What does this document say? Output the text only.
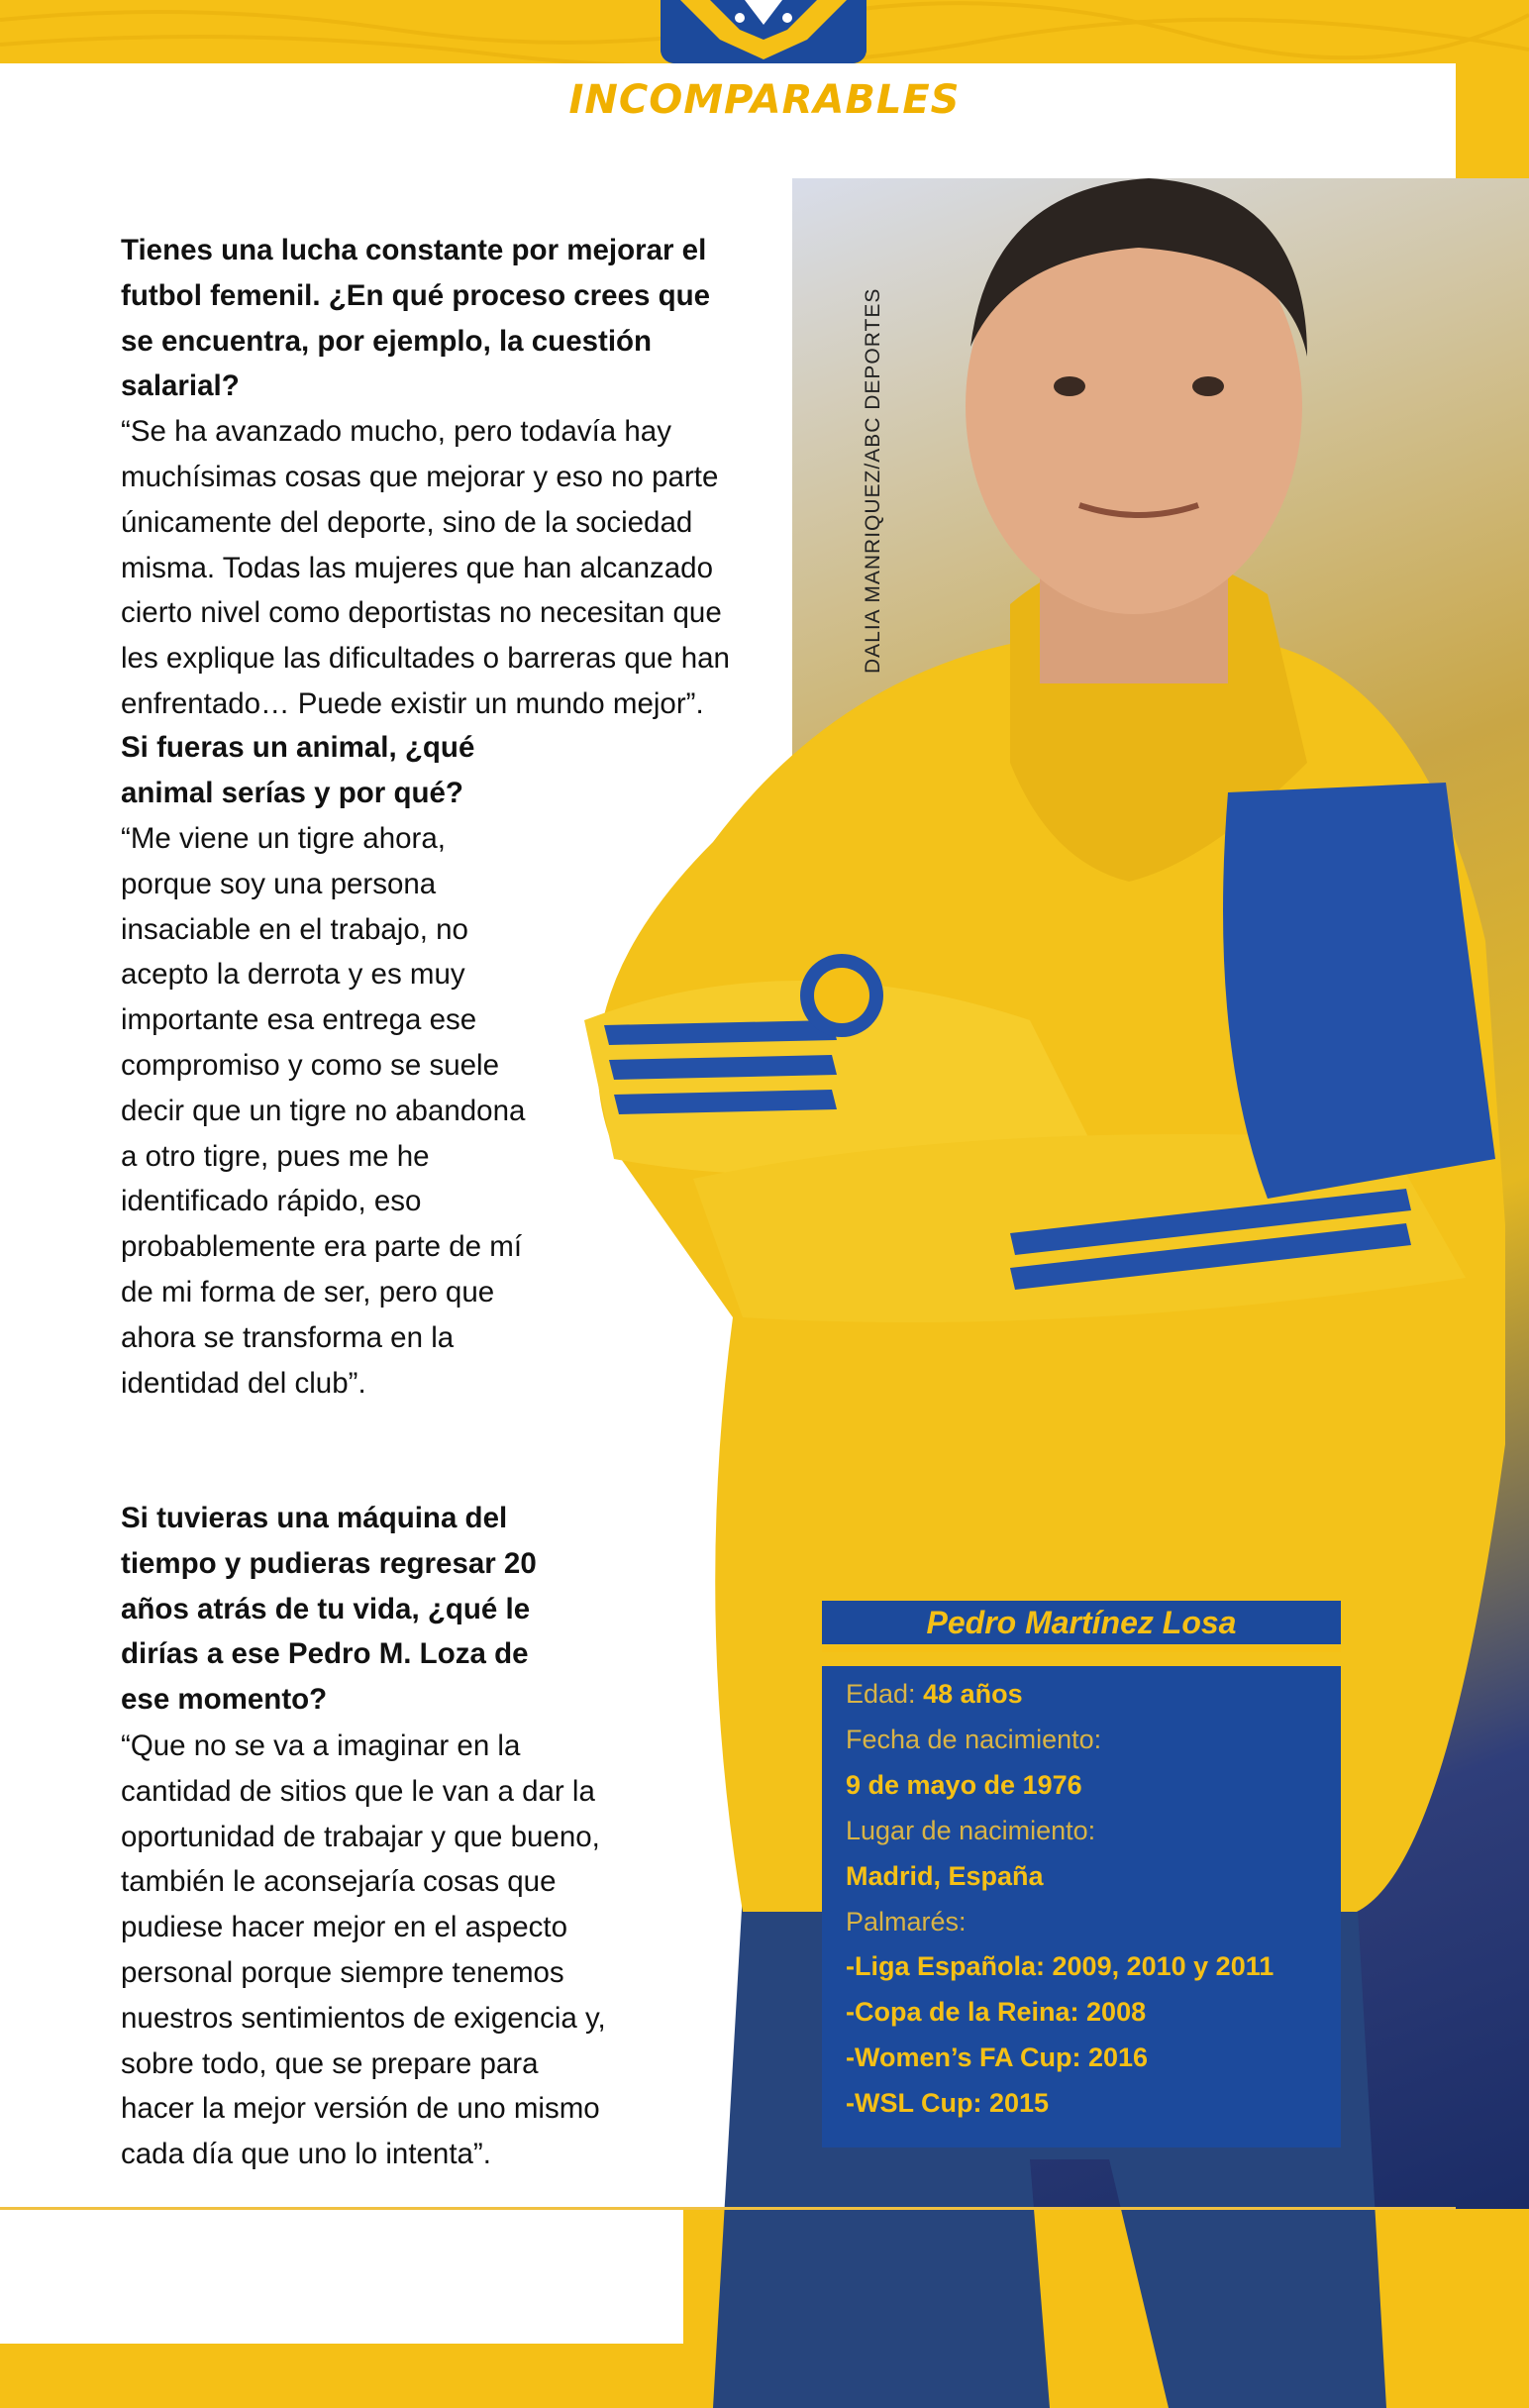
INCOMPARABLES
DALIA MANRIQUEZ/ABC DEPORTES

Tienes una lucha constante por mejorar el futbol femenil. ¿En qué proceso crees que se encuentra, por ejemplo, la cuestión salarial?

“Se ha avanzado mucho, pero todavía hay muchísimas cosas que mejorar y eso no parte únicamente del deporte, sino de la sociedad misma. Todas las mujeres que han alcanzado cierto nivel como deportistas no necesitan que les explique las dificultades o barreras que han enfrentado… Puede existir un mundo mejor”.

Si fueras un animal, ¿qué animal serías y por qué?

“Me viene un tigre ahora, porque soy una persona insaciable en el trabajo, no acepto la derrota y es muy importante esa entrega ese compromiso y como se suele decir que un tigre no abandona a otro tigre, pues me he identificado rápido, eso probablemente era parte de mí de mi forma de ser, pero que ahora se transforma en la identidad del club”.

Si tuvieras una máquina del tiempo y pudieras regresar 20 años atrás de tu vida, ¿qué le dirías a ese Pedro M. Loza de ese momento?

“Que no se va a imaginar en la cantidad de sitios que le van a dar la oportunidad de trabajar y que bueno, también le aconsejaría cosas que pudiese hacer mejor en el aspecto personal porque siempre tenemos nuestros sentimientos de exigencia y, sobre todo, que se prepare para hacer la mejor versión de uno mismo cada día que uno lo intenta”.

Pedro Martínez Losa
Edad: 48 años
Fecha de nacimiento:
9 de mayo de 1976
Lugar de nacimiento:
Madrid, España
Palmarés:
-Liga Española: 2009, 2010 y 2011
-Copa de la Reina: 2008
-Women’s FA Cup: 2016
-WSL Cup: 2015
